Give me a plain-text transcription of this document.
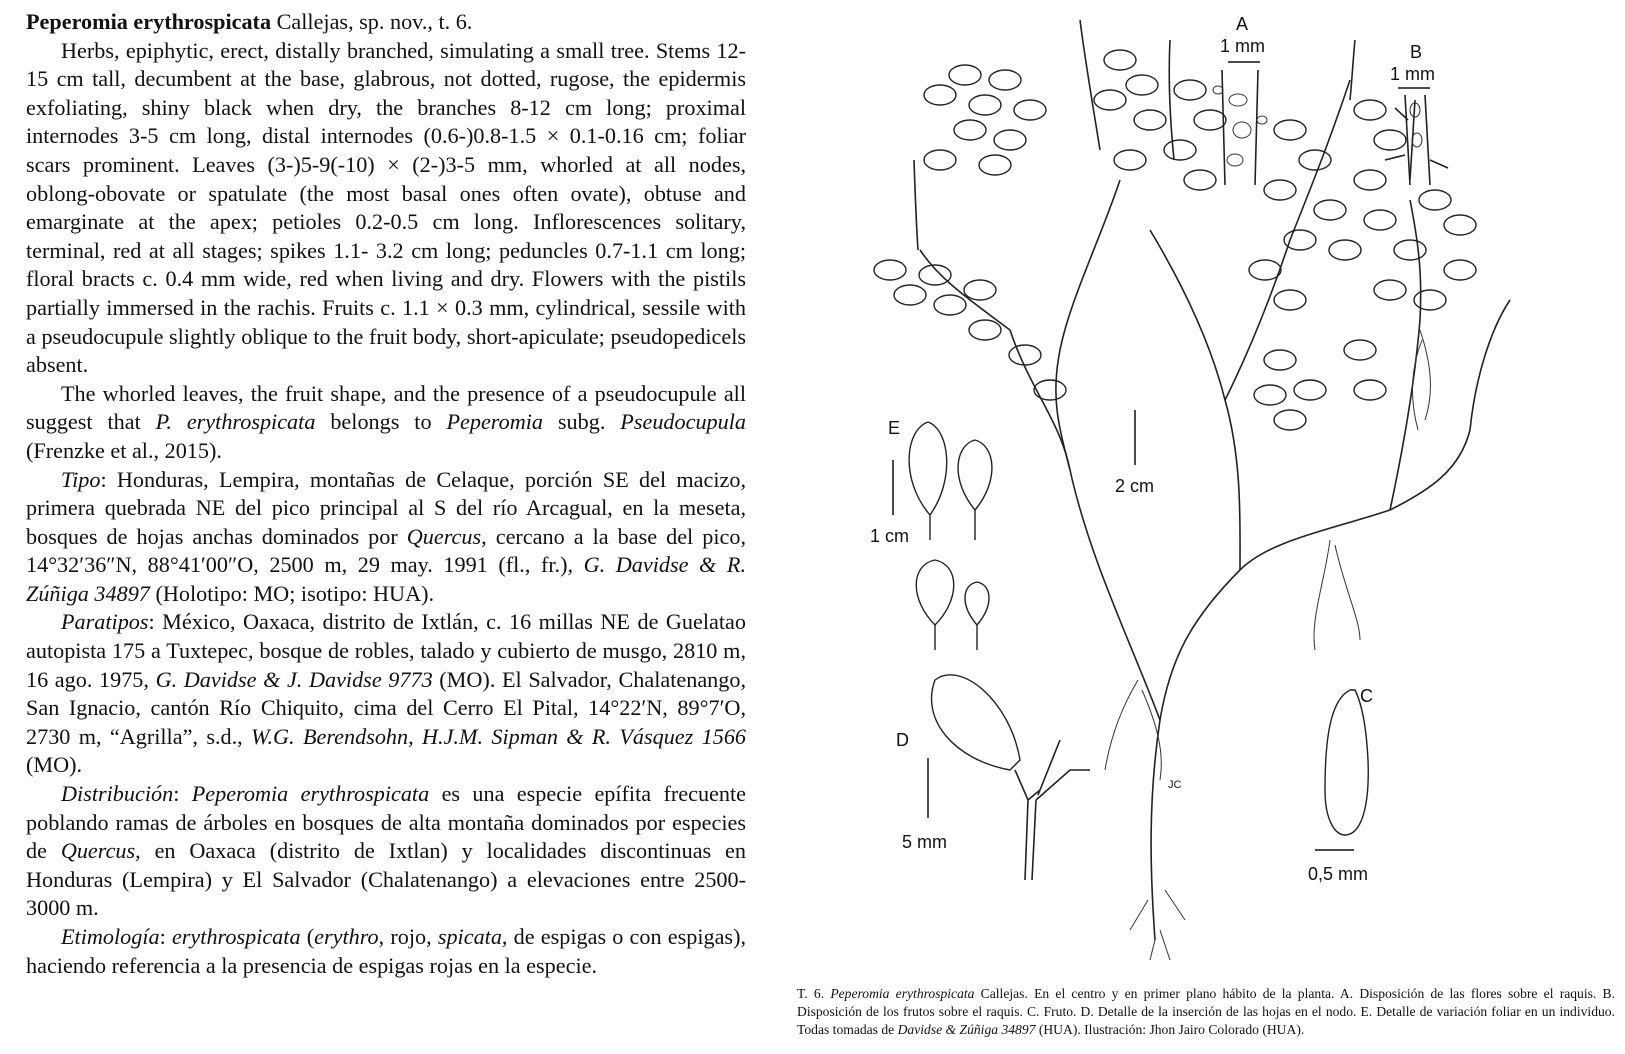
Peperomia erythrospicata Callejas, sp. nov., t. 6.

Herbs, epiphytic, erect, distally branched, simulating a small tree. Stems 12-15 cm tall, decumbent at the base, glabrous, not dotted, rugose, the epidermis exfoliating, shiny black when dry, the branches 8-12 cm long; proximal internodes 3-5 cm long, distal internodes (0.6-)0.8-1.5 × 0.1-0.16 cm; foliar scars prominent. Leaves (3-)5-9(-10) × (2-)3-5 mm, whorled at all nodes, oblong-obovate or spatulate (the most basal ones often ovate), obtuse and emarginate at the apex; petioles 0.2-0.5 cm long. Inflorescences solitary, terminal, red at all stages; spikes 1.1- 3.2 cm long; peduncles 0.7-1.1 cm long; floral bracts c. 0.4 mm wide, red when living and dry. Flowers with the pistils partially immersed in the rachis. Fruits c. 1.1 × 0.3 mm, cylindrical, sessile with a pseudocupule slightly oblique to the fruit body, short-apiculate; pseudopedicels absent.

The whorled leaves, the fruit shape, and the presence of a pseudocupule all suggest that P. erythrospicata belongs to Peperomia subg. Pseudocupula (Frenzke et al., 2015).

Tipo: Honduras, Lempira, montañas de Celaque, porción SE del macizo, primera quebrada NE del pico principal al S del río Arcagual, en la meseta, bosques de hojas anchas dominados por Quercus, cercano a la base del pico, 14°32′36″N, 88°41′00″O, 2500 m, 29 may. 1991 (fl., fr.), G. Davidse & R. Zúñiga 34897 (Holotipo: MO; isotipo: HUA).

Paratipos: México, Oaxaca, distrito de Ixtlán, c. 16 millas NE de Guelatao autopista 175 a Tuxtepec, bosque de robles, talado y cubierto de musgo, 2810 m, 16 ago. 1975, G. Davidse & J. Davidse 9773 (MO). El Salvador, Chalatenango, San Ignacio, cantón Río Chiquito, cima del Cerro El Pital, 14°22′N, 89°7′O, 2730 m, “Agrilla”, s.d., W.G. Berendsohn, H.J.M. Sipman & R. Vásquez 1566 (MO).

Distribución: Peperomia erythrospicata es una especie epífita frecuente poblando ramas de árboles en bosques de alta montaña dominados por especies de Quercus, en Oaxaca (distrito de Ixtlan) y localidades discontinuas en Honduras (Lempira) y El Salvador (Chalatenango) a elevaciones entre 2500-3000 m.

Etimología: erythrospicata (erythro, rojo, spicata, de espigas o con espigas), haciendo referencia a la presencia de espigas rojas en la especie.

A
1 mm	B
1 mm
E
1 cm
D
5 mm
2 cm
C
0,5 mm
JC
T. 6. Peperomia erythrospicata Callejas. En el centro y en primer plano hábito de la planta. A. Disposición de las flores sobre el raquis. B. Disposición de los frutos sobre el raquis. C. Fruto. D. Detalle de la inserción de las hojas en el nodo. E. Detalle de variación foliar en un individuo. Todas tomadas de Davidse & Zúñiga 34897 (HUA). Ilustración: Jhon Jairo Colorado (HUA).
